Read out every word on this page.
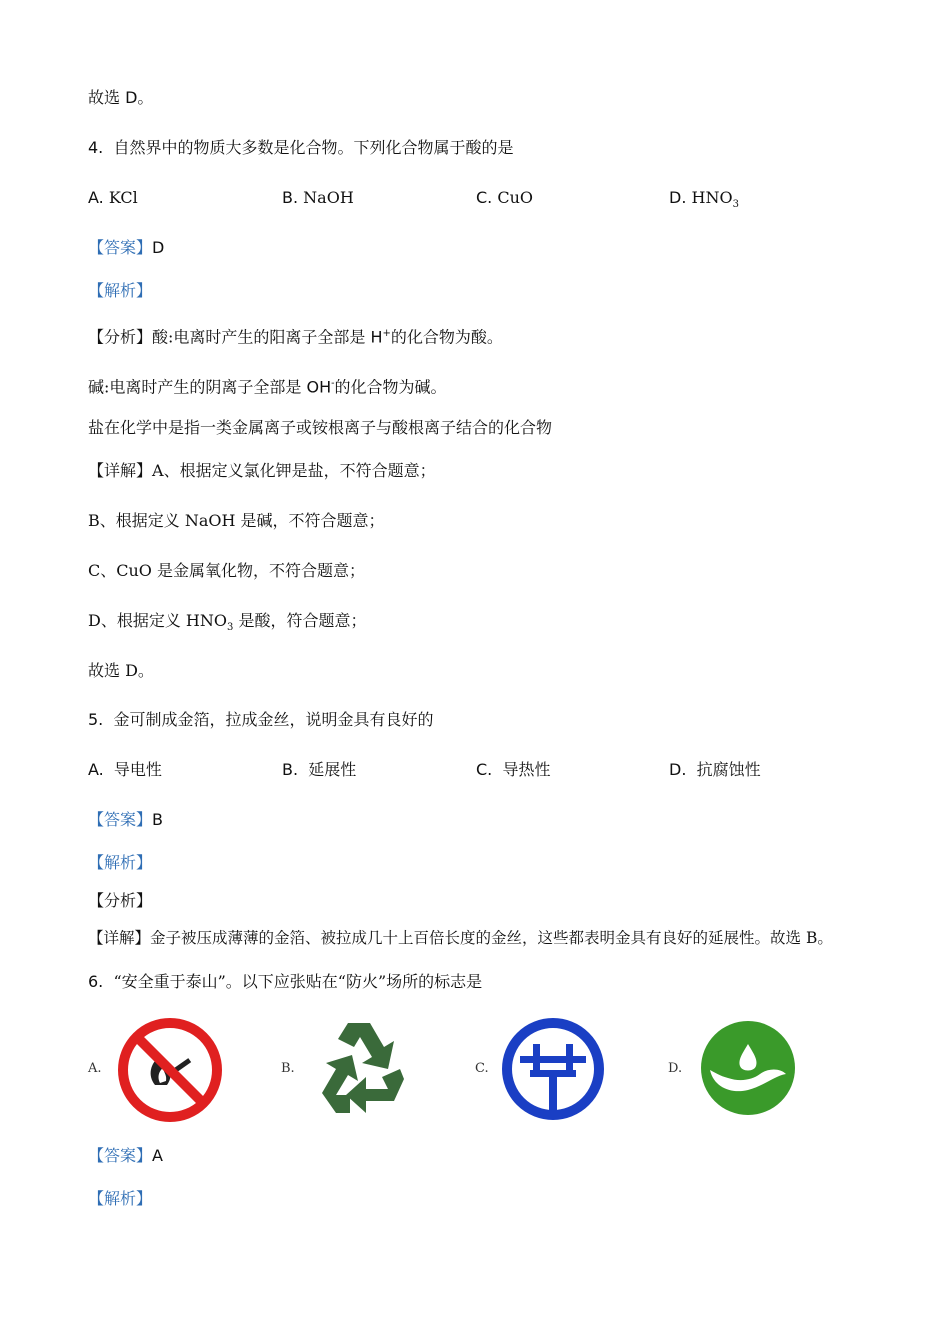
故选 D。
4. 自然界中的物质大多数是化合物。下列化合物属于酸的是
A. KCl	B. NaOH	C. CuO	D. $HNO_3$
【答案】D
【解析】
【分析】酸:电离时产生的阳离子全部是 H+的化合物为酸。
碱:电离时产生的阴离子全部是 OH-的化合物为碱。
盐在化学中是指一类金属离子或铵根离子与酸根离子结合的化合物
【详解】A、根据定义氯化钾是盐，不符合题意；
B、根据定义 NaOH 是碱，不符合题意；
C、CuO 是金属氧化物，不符合题意；
D、根据定义 $HNO_3$ 是酸，符合题意；
故选 D。
5. 金可制成金箔，拉成金丝，说明金具有良好的
A. 导电性	B. 延展性	C. 导热性	D. 抗腐蚀性
【答案】B
【解析】
【分析】
【详解】金子被压成薄薄的金箔、被拉成几十上百倍长度的金丝，这些都表明金具有良好的延展性。故选 B。
6. “安全重于泰山”。以下应张贴在“防火”场所的标志是
A.	B.	C.	D.
【答案】A
【解析】
